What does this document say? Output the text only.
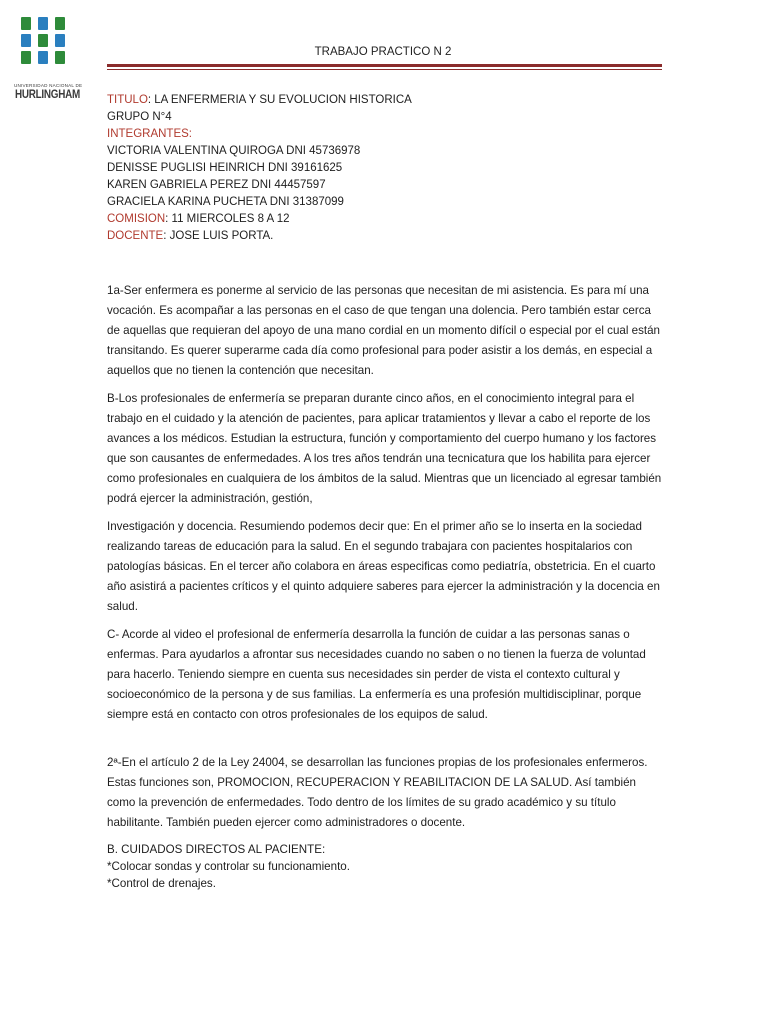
UNIVERSIDAD NACIONAL DE
HURLINGHAM
TRABAJO PRACTICO N 2
TITULO: LA ENFERMERIA Y SU EVOLUCION HISTORICA
GRUPO N°4
INTEGRANTES:
VICTORIA VALENTINA QUIROGA DNI 45736978
DENISSE PUGLISI HEINRICH DNI 39161625
KAREN GABRIELA PEREZ DNI 44457597
GRACIELA KARINA PUCHETA DNI 31387099
COMISION: 11 MIERCOLES 8 A 12
DOCENTE: JOSE LUIS PORTA.

1a-Ser enfermera es ponerme al servicio de las personas que necesitan de mi asistencia. Es para mí una vocación. Es acompañar a las personas en el caso de que tengan una dolencia. Pero también estar cerca de aquellas que requieran del apoyo de una mano cordial en un momento difícil o especial por el cual están transitando. Es querer superarme cada día como profesional para poder asistir a los demás, en especial a aquellos que no tienen la contención que necesitan.

B-Los profesionales de enfermería se preparan durante cinco años, en el conocimiento integral para el trabajo en el cuidado y la atención de pacientes, para aplicar tratamientos y llevar a cabo el reporte de los avances a los médicos. Estudian la estructura, función y comportamiento del cuerpo humano y los factores que son causantes de enfermedades. A los tres años tendrán una tecnicatura que los habilita para ejercer como profesionales en cualquiera de los ámbitos de la salud. Mientras que un licenciado al egresar también podrá ejercer la administración, gestión,

Investigación y docencia. Resumiendo podemos decir que: En el primer año se lo inserta en la sociedad realizando tareas de educación para la salud. En el segundo trabajara con pacientes hospitalarios con patologías básicas. En el tercer año colabora en áreas especificas como pediatría, obstetricia. En el cuarto año asistirá a pacientes críticos y el quinto adquiere saberes para ejercer la administración y la docencia en salud.

C- Acorde al video el profesional de enfermería desarrolla la función de cuidar a las personas sanas o enfermas. Para ayudarlos a afrontar sus necesidades cuando no saben o no tienen la fuerza de voluntad para hacerlo. Teniendo siempre en cuenta sus necesidades sin perder de vista el contexto cultural y socioeconómico de la persona y de sus familias. La enfermería es una profesión multidisciplinar, porque siempre está en contacto con otros profesionales de los equipos de salud.

2ª-En el artículo 2 de la Ley 24004, se desarrollan las funciones propias de los profesionales enfermeros. Estas funciones son, PROMOCION, RECUPERACION Y REABILITACION DE LA SALUD. Así también como la prevención de enfermedades. Todo dentro de los límites de su grado académico y su título habilitante. También pueden ejercer como administradores o docente.

B. CUIDADOS DIRECTOS AL PACIENTE:
*Colocar sondas y controlar su funcionamiento.
*Control de drenajes.
